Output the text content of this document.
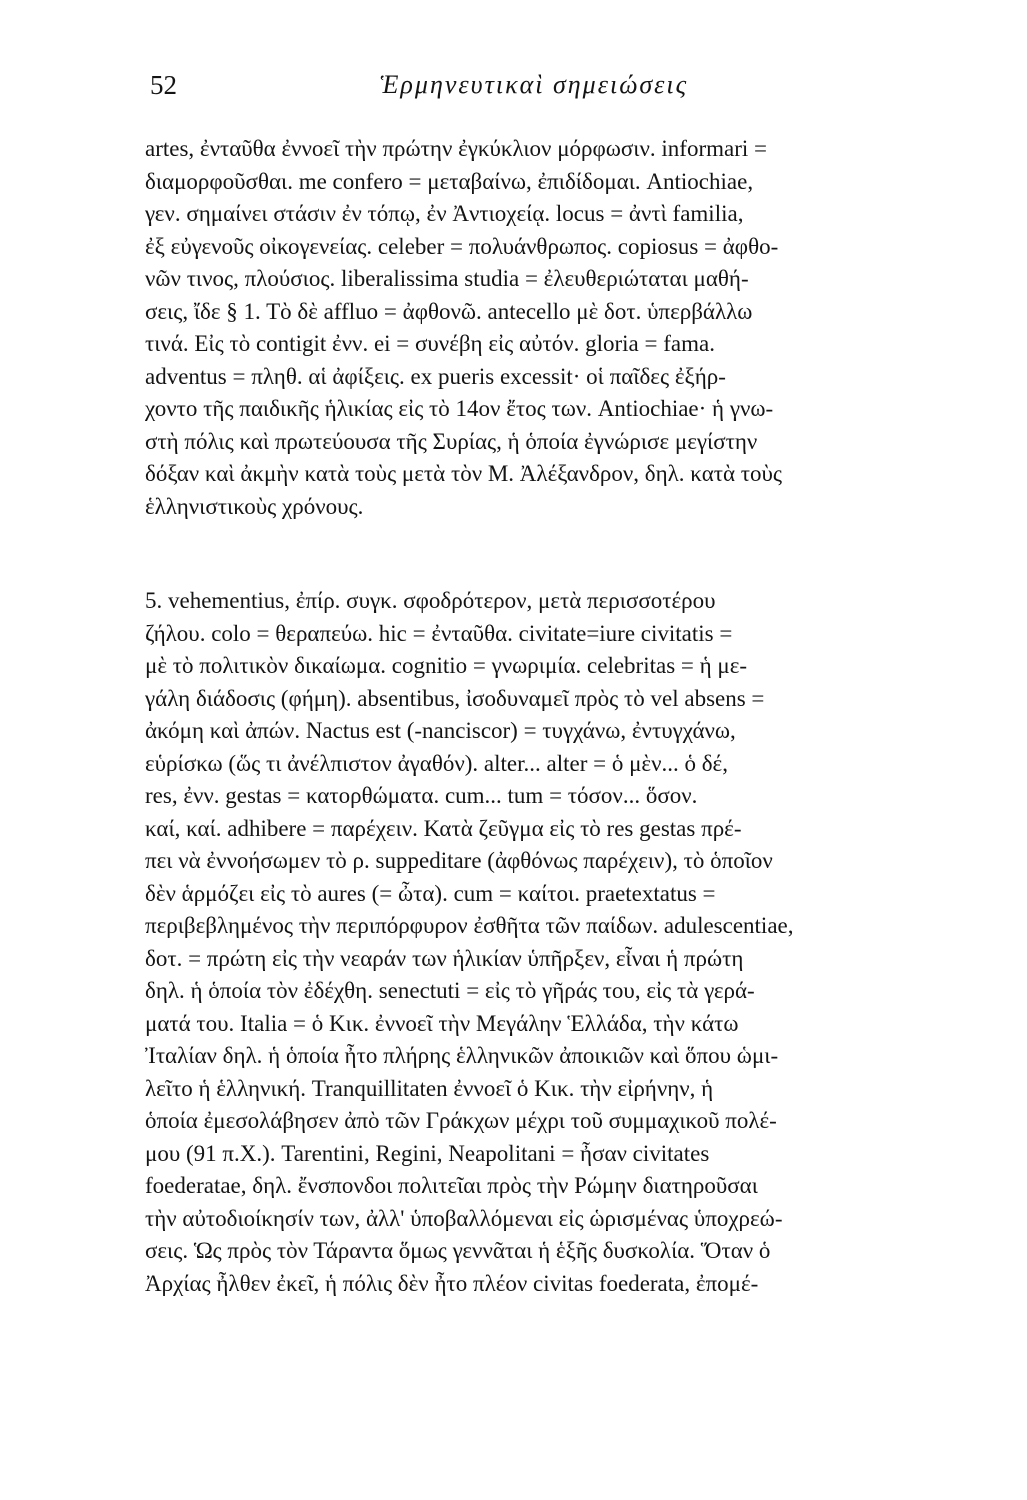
52	Ἑρμηνευτικαὶ σημειώσεις
artes, ἐνταῦθα ἐννοεῖ τὴν πρώτην ἐγκύκλιον μόρφωσιν. informari =
διαμορφοῦσθαι. me confero = μεταβαίνω, ἐπιδίδομαι. Antiochiae,
γεν. σημαίνει στάσιν ἐν τόπῳ, ἐν Ἀντιοχείᾳ. locus = ἀντὶ familia,
ἐξ εὐγενοῦς οἰκογενείας. celeber = πολυάνθρωπος. copiosus = ἀφθο-
νῶν τινος, πλούσιος. liberalissima studia = ἐλευθεριώταται μαθή-
σεις, ἴδε § 1. Τὸ δὲ affluo = ἀφθονῶ. antecello μὲ δοτ. ὑπερβάλλω
τινά. Εἰς τὸ contigit ἐνν. ei = συνέβη εἰς αὐτόν. gloria = fama.
adventus = πληθ. αἱ ἀφίξεις. ex pueris excessit· οἱ παῖδες ἐξήρ-
χοντο τῆς παιδικῆς ἡλικίας εἰς τὸ 14ον ἔτος των. Antiochiae· ἡ γνω-
στὴ πόλις καὶ πρωτεύουσα τῆς Συρίας, ἡ ὁποία ἐγνώρισε μεγίστην
δόξαν καὶ ἀκμὴν κατὰ τοὺς μετὰ τὸν Μ. Ἀλέξανδρον, δηλ. κατὰ τοὺς
ἑλληνιστικοὺς χρόνους.
5. vehementius, ἐπίρ. συγκ. σφοδρότερον, μετὰ περισσοτέρου
ζήλου. colo = θεραπεύω. hic = ἐνταῦθα. civitate=iure civitatis =
μὲ τὸ πολιτικὸν δικαίωμα. cognitio = γνωριμία. celebritas = ἡ με-
γάλη διάδοσις (φήμη). absentibus, ἰσοδυναμεῖ πρὸς τὸ vel absens =
ἀκόμη καὶ ἀπών. Nactus est (-nanciscor) = τυγχάνω, ἐντυγχάνω,
εὑρίσκω (ὥς τι ἀνέλπιστον ἀγαθόν). alter... alter = ὁ μὲν... ὁ δέ,
res, ἐνν. gestas = κατορθώματα. cum... tum = τόσον... ὅσον.
καί, καί. adhibere = παρέχειν. Κατὰ ζεῦγμα εἰς τὸ res gestas πρέ-
πει νὰ ἐννοήσωμεν τὸ ρ. suppeditare (ἀφθόνως παρέχειν), τὸ ὁποῖον
δὲν ἁρμόζει εἰς τὸ aures (= ὦτα). cum = καίτοι. praetextatus =
περιβεβλημένος τὴν περιπόρφυρον ἐσθῆτα τῶν παίδων. adulescentiae,
δοτ. = πρώτη εἰς τὴν νεαράν των ἡλικίαν ὑπῆρξεν, εἶναι ἡ πρώτη
δηλ. ἡ ὁποία τὸν ἐδέχθη. senectuti = εἰς τὸ γῆράς του, εἰς τὰ γερά-
ματά του. Italia = ὁ Κικ. ἐννοεῖ τὴν Μεγάλην Ἑλλάδα, τὴν κάτω
Ἰταλίαν δηλ. ἡ ὁποία ἦτο πλήρης ἑλληνικῶν ἀποικιῶν καὶ ὅπου ὡμι-
λεῖτο ἡ ἑλληνική. Tranquillitaten ἐννοεῖ ὁ Κικ. τὴν εἰρήνην, ἡ
ὁποία ἐμεσολάβησεν ἀπὸ τῶν Γράκχων μέχρι τοῦ συμμαχικοῦ πολέ-
μου (91 π.Χ.). Tarentini, Regini, Neapolitani = ἦσαν civitates
foederatae, δηλ. ἔνσπονδοι πολιτεῖαι πρὸς τὴν Ρώμην διατηροῦσαι
τὴν αὐτοδιοίκησίν των, ἀλλ' ὑποβαλλόμεναι εἰς ὡρισμένας ὑποχρεώ-
σεις. Ὡς πρὸς τὸν Τάραντα ὅμως γεννᾶται ἡ ἑξῆς δυσκολία. Ὅταν ὁ
Ἀρχίας ἦλθεν ἐκεῖ, ἡ πόλις δὲν ἦτο πλέον civitas foederata, ἐπομέ-
